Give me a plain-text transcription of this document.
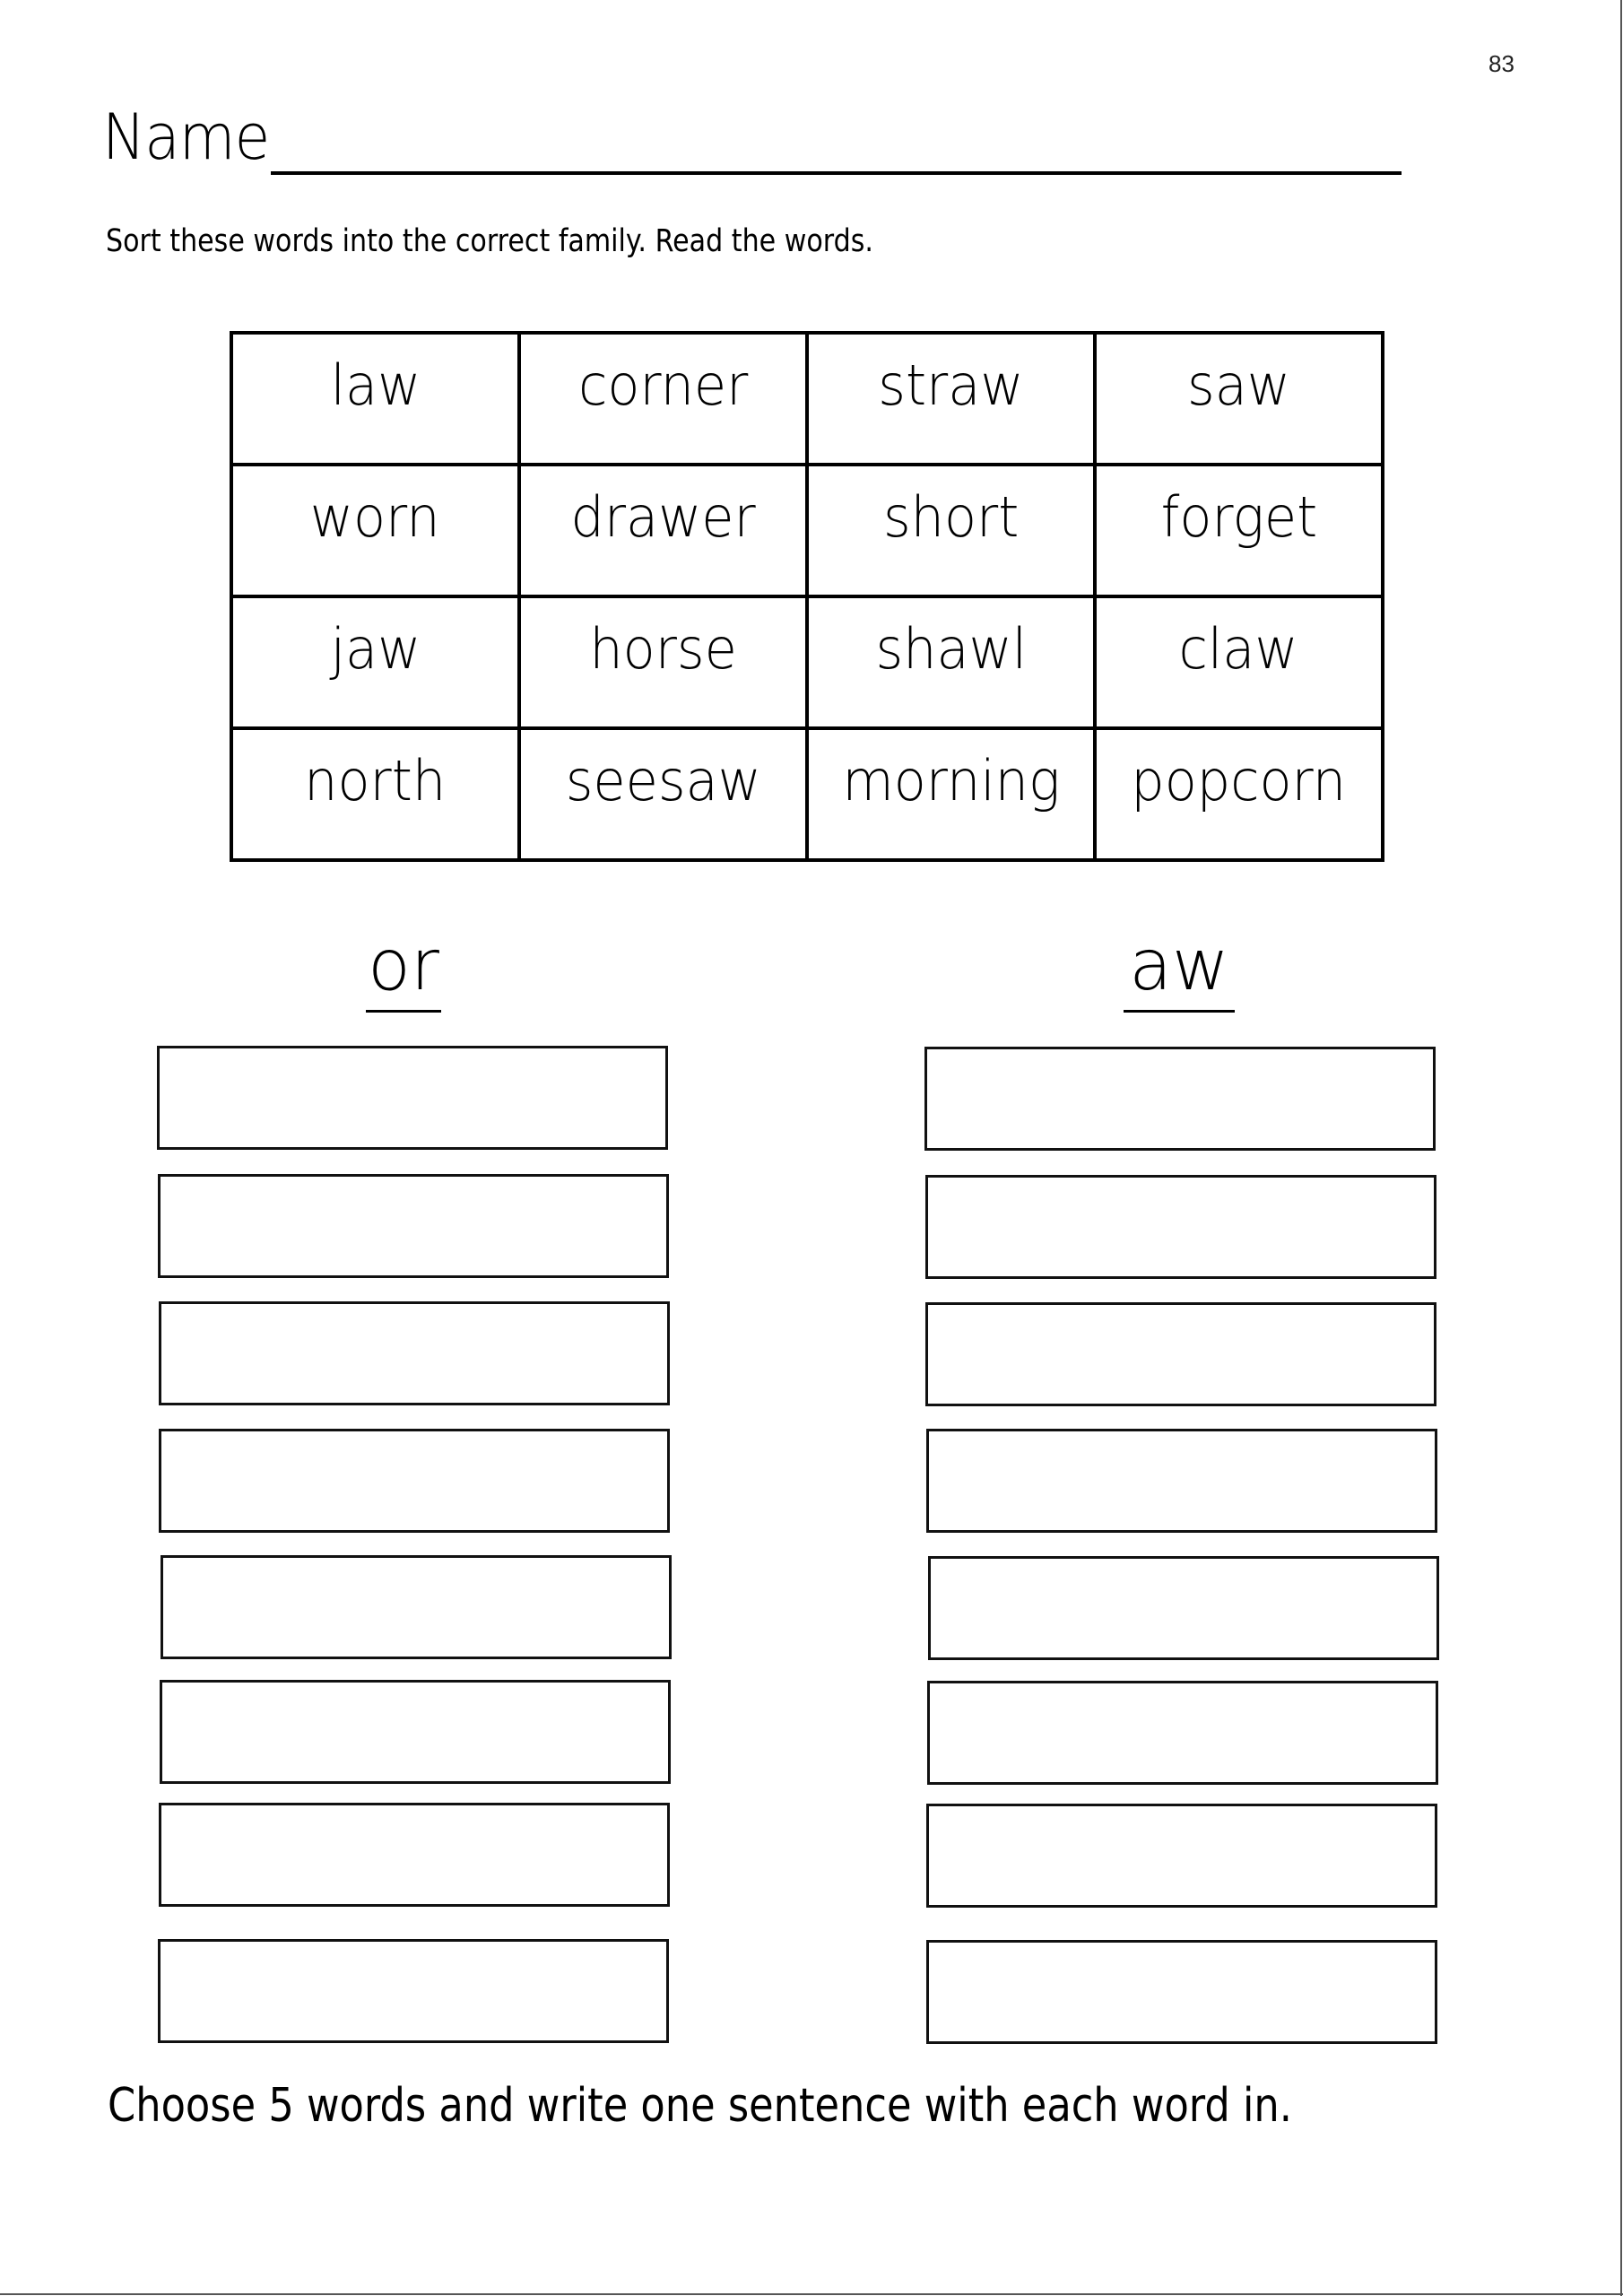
83
Name
Sort these words into the correct family. Read the words.
law	corner	straw	saw
worn	drawer	short	forget
jaw	horse	shawl	claw
north	seesaw	morning	popcorn
or	aw
Choose 5 words and write one sentence with each word in.
